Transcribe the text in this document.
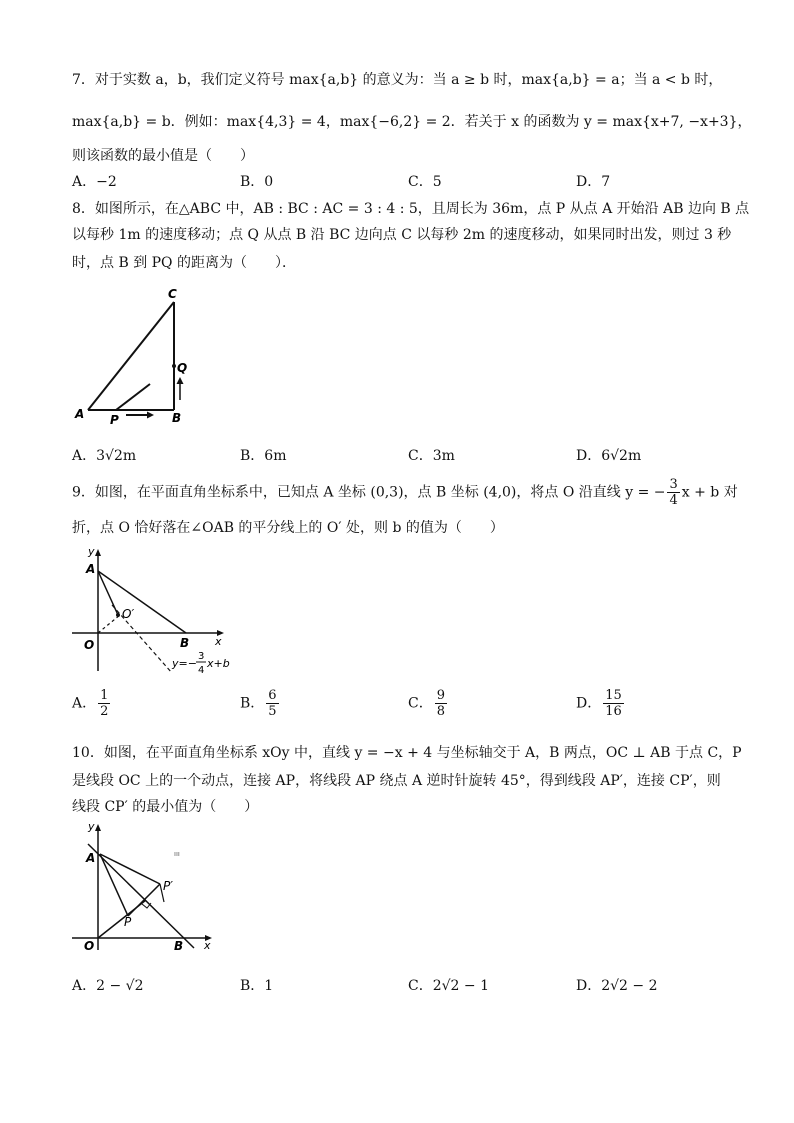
7．对于实数 a，b，我们定义符号 max{a,b} 的意义为：当 a ≥ b 时，max{a,b} = a；当 a < b 时，
max{a,b} = b．例如：max{4,3} = 4，max{−6,2} = 2．若关于 x 的函数为 y = max{x+7, −x+3}，
则该函数的最小值是（　　）
A．−2	B．0	C．5	D．7
8．如图所示，在△ABC 中，AB : BC : AC = 3 : 4 : 5，且周长为 36m，点 P 从点 A 开始沿 AB 边向 B 点
以每秒 1m 的速度移动；点 Q 从点 B 沿 BC 边向点 C 以每秒 2m 的速度移动，如果同时出发，则过 3 秒
时，点 B 到 PQ 的距离为（　　）．
C
Q
A P	B
A．3√2m	B．6m	C．3m	D．6√2m
9．如图，在平面直角坐标系中，已知点 A 坐标 (0,3)，点 B 坐标 (4,0)，将点 O 沿直线 y = − $\frac{3}{4}$ x + b 对
折，点 O 恰好落在∠OAB 的平分线上的 O′ 处，则 b 的值为（　　）
y
A
O′
O	B x
y=−
3
4
x+b
A． $\frac{1}{2}$	B． $\frac{6}{5}$	C． $\frac{9}{8}$	D． $\frac{15}{16}$
10．如图，在平面直角坐标系 xOy 中，直线 y = −x + 4 与坐标轴交于 A，B 两点，OC ⊥ AB 于点 C，P
是线段 OC 上的一个动点，连接 AP，将线段 AP 绕点 A 逆时针旋转 45°，得到线段 AP′，连接 CP′，则
线段 CP′ 的最小值为（　　）
ııı
y
A
P′
P
O	B x
A．2 − √2	B．1	C．2√2 − 1	D．2√2 − 2
